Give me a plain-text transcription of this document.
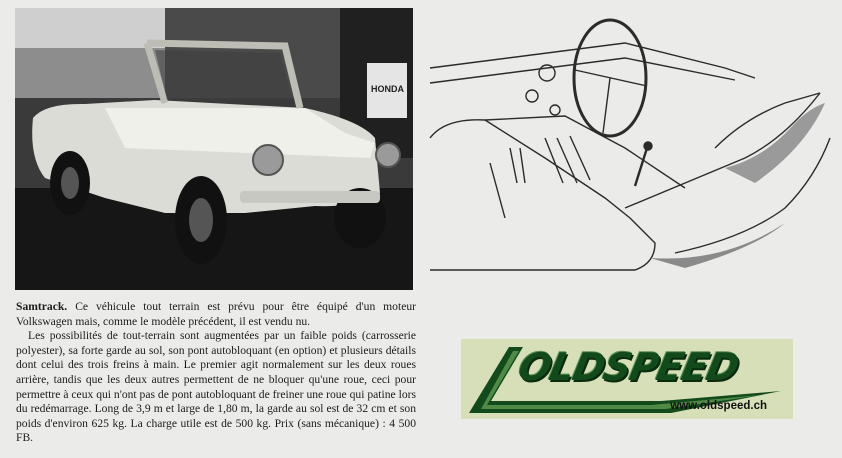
HONDA

Samtrack. Ce véhicule tout terrain est prévu pour être équipé d'un moteur Volkswagen mais, comme le modèle précédent, il est vendu nu.

Les possibilités de tout-terrain sont augmentées par un faible poids (carrosserie polyester), sa forte garde au sol, son pont autobloquant (en option) et plusieurs détails dont celui des trois freins à main. Le premier agit normalement sur les deux roues arrière, tandis que les deux autres permettent de ne bloquer qu'une roue, ceci pour permettre à ceux qui n'ont pas de pont autobloquant de freiner une roue qui patine lors du redémarrage. Long de 3,9 m et large de 1,80 m, la garde au sol est de 32 cm et son poids d'environ 625 kg. La charge utile est de 500 kg. Prix (sans mécanique) : 4 500 FB.

OLDSPEED
www.oldspeed.ch
